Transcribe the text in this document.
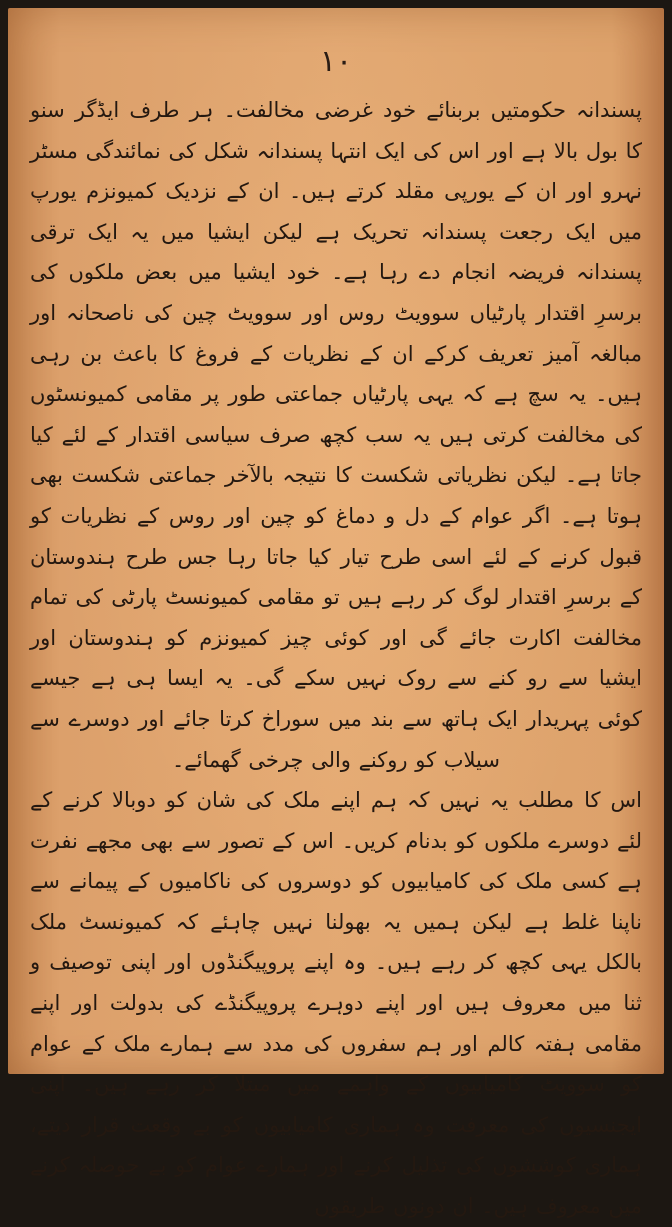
۱۰

پسندانہ حکومتیں بربنائے خود غرضی مخالفت۔ ہر طرف ایڈگر سنو کا بول بالا ہے اور اس کی ایک انتہا پسندانہ شکل کی نمائندگی مسٹر نہرو اور ان کے یورپی مقلد کرتے ہیں۔ ان کے نزدیک کمیونزم یورپ میں ایک رجعت پسندانہ تحریک ہے لیکن ایشیا میں یہ ایک ترقی پسندانہ فریضہ انجام دے رہا ہے۔ خود ایشیا میں بعض ملکوں کی برسرِ اقتدار پارٹیاں سوویٹ روس اور سوویٹ چین کی ناصحانہ اور مبالغہ آمیز تعریف کرکے ان کے نظریات کے فروغ کا باعث بن رہی ہیں۔ یہ سچ ہے کہ یہی پارٹیاں جماعتی طور پر مقامی کمیونسٹوں کی مخالفت کرتی ہیں یہ سب کچھ صرف سیاسی اقتدار کے لئے کیا جاتا ہے۔ لیکن نظریاتی شکست کا نتیجہ بالآخر جماعتی شکست بھی ہوتا ہے۔ اگر عوام کے دل و دماغ کو چین اور روس کے نظریات کو قبول کرنے کے لئے اسی طرح تیار کیا جاتا رہا جس طرح ہندوستان کے برسرِ اقتدار لوگ کر رہے ہیں تو مقامی کمیونسٹ پارٹی کی تمام مخالفت اکارت جائے گی اور کوئی چیز کمیونزم کو ہندوستان اور ایشیا سے رو کنے سے روک نہیں سکے گی۔ یہ ایسا ہی ہے جیسے کوئی پہریدار ایک ہاتھ سے بند میں سوراخ کرتا جائے اور دوسرے سے سیلاب کو روکنے والی چرخی گھمائے۔

اس کا مطلب یہ نہیں کہ ہم اپنے ملک کی شان کو دوبالا کرنے کے لئے دوسرے ملکوں کو بدنام کریں۔ اس کے تصور سے بھی مجھے نفرت ہے کسی ملک کی کامیابیوں کو دوسروں کی ناکامیوں کے پیمانے سے ناپنا غلط ہے لیکن ہمیں یہ بھولنا نہیں چاہئے کہ کمیونسٹ ملک بالکل یہی کچھ کر رہے ہیں۔ وہ اپنے پروپیگنڈوں اور اپنی توصیف و ثنا میں معروف ہیں اور اپنے دوہرے پروپیگنڈے کی بدولت اور اپنے مقامی ہفتہ کالم اور ہم سفروں کی مدد سے ہمارے ملک کے عوام کو سوویٹ کامیابیوں کے واہمے میں مبتلا کر رہے ہیں۔ اپنی ایجنسیوں کی معرفت وہ ہماری کامیابیوں کو بے وقعت قرار دیتے، ہماری کوششوں کی تذلیل کرنے اور ہمارے عوام کو بے حوصلہ کرنے میں معروف ہیں۔ ان دونوں طریقوں
